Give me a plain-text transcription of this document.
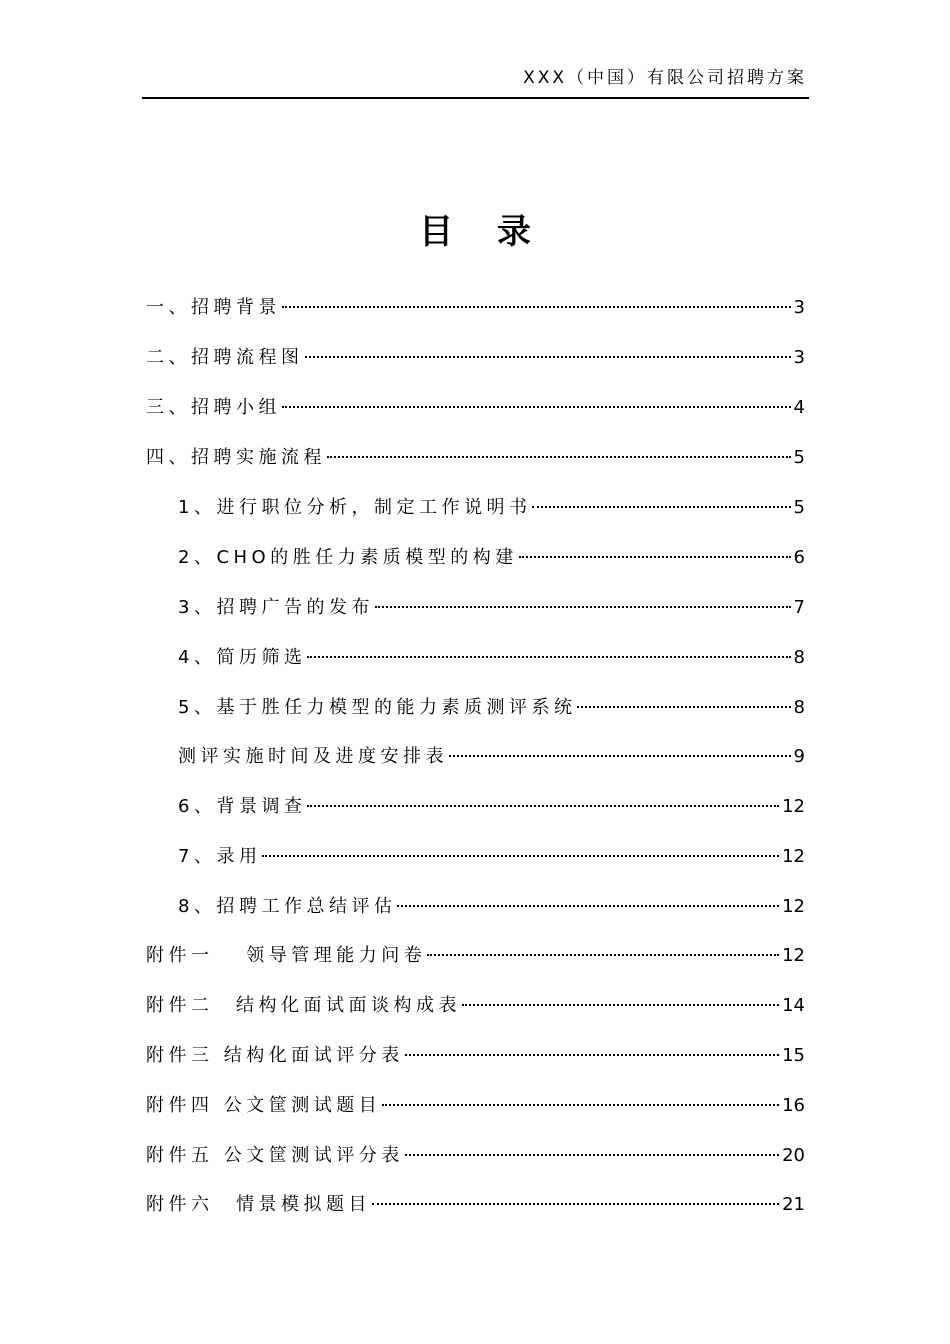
XXX（中国）有限公司招聘方案
目 录
一、招聘背景	3
二、招聘流程图	3
三、招聘小组	4
四、招聘实施流程	5
1、进行职位分析，制定工作说明书	5
2、CHO的胜任力素质模型的构建	6
3、招聘广告的发布	7
4、简历筛选	8
5、基于胜任力模型的能力素质测评系统	8
测评实施时间及进度安排表	9
6、背景调查	12
7、录用	12
8、招聘工作总结评估	12
附件一　 领导管理能力问卷	12
附件二　结构化面试面谈构成表	14
附件三 结构化面试评分表	15
附件四 公文筐测试题目	16
附件五 公文筐测试评分表	20
附件六　情景模拟题目	21
